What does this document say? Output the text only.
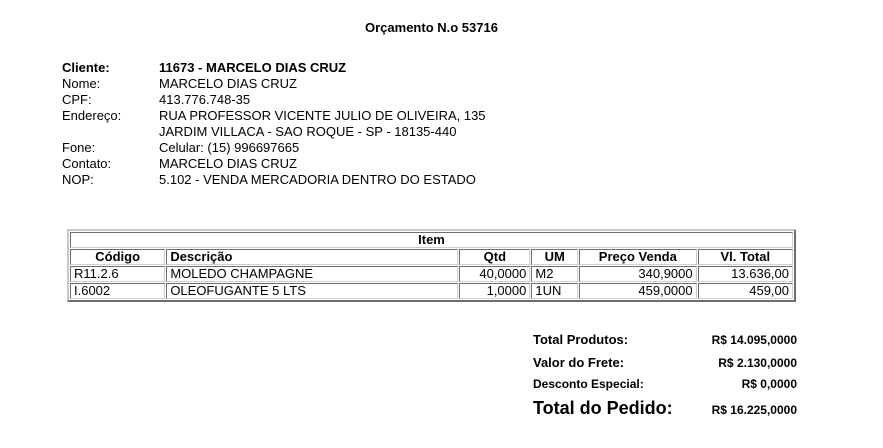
Orçamento N.o 53716
Cliente:	11673 - MARCELO DIAS CRUZ
Nome:	MARCELO DIAS CRUZ
CPF:	413.776.748-35
Endereço:	RUA PROFESSOR VICENTE JULIO DE OLIVEIRA, 135
JARDIM VILLACA - SAO ROQUE - SP - 18135-440
Fone:	Celular: (15) 996697665
Contato:	MARCELO DIAS CRUZ
NOP:	5.102 - VENDA MERCADORIA DENTRO DO ESTADO
Item					
Código	Descrição	Qtd	UM	Preço Venda	Vl. Total
R11.2.6	MOLEDO CHAMPAGNE	40,0000	M2	340,9000	13.636,00
I.6002	OLEOFUGANTE 5 LTS	1,0000	1UN	459,0000	459,00
Total Produtos:	R$ 14.095,0000
Valor do Frete:	R$ 2.130,0000
Desconto Especial:	R$ 0,0000
Total do Pedido:	R$ 16.225,0000
